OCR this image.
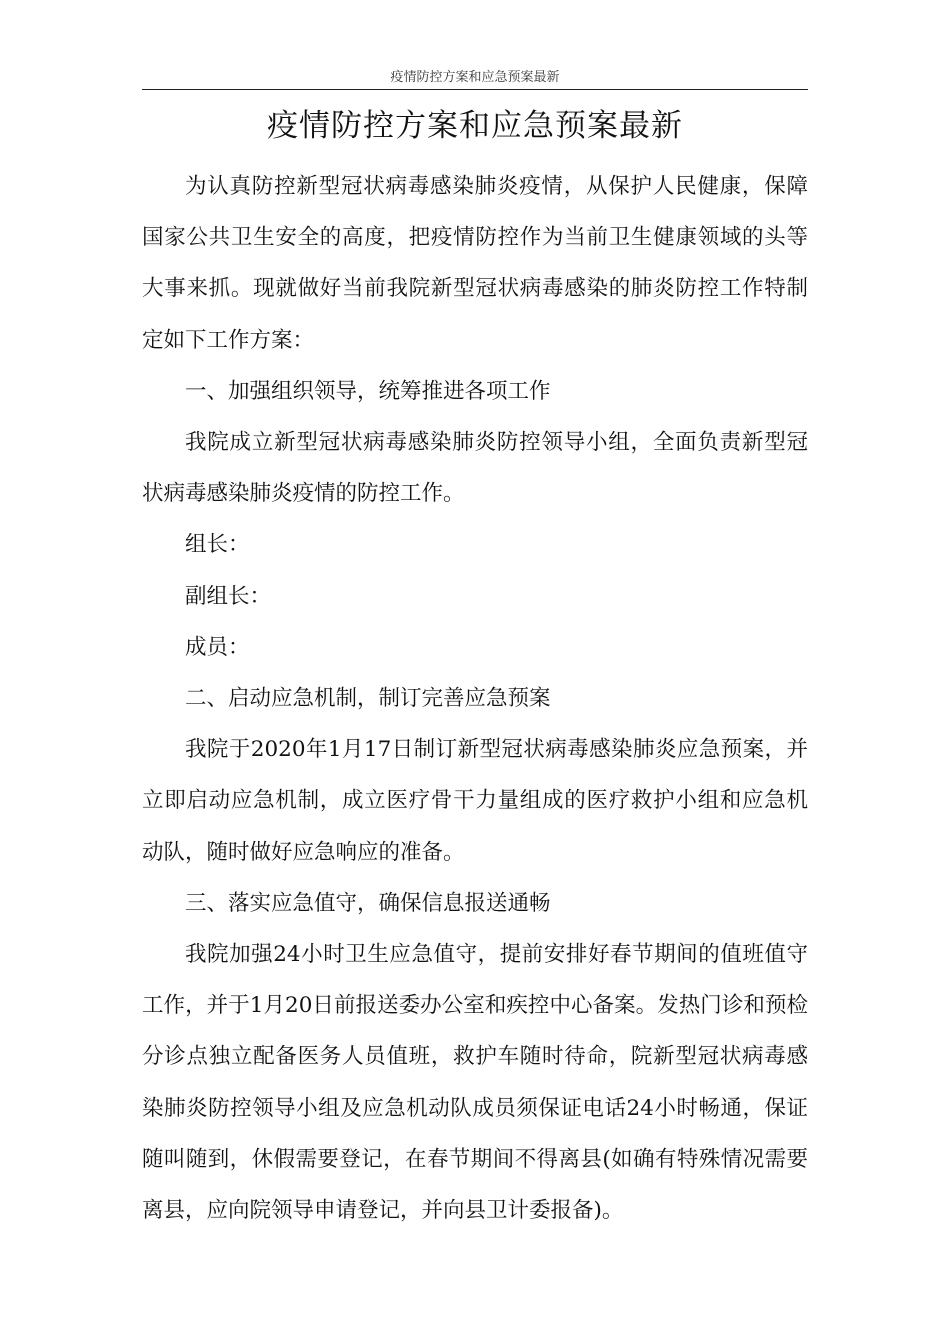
疫情防控方案和应急预案最新
疫情防控方案和应急预案最新

为认真防控新型冠状病毒感染肺炎疫情，从保护人民健康，保障国家公共卫生安全的高度，把疫情防控作为当前卫生健康领域的头等大事来抓。现就做好当前我院新型冠状病毒感染的肺炎防控工作特制定如下工作方案：

一、加强组织领导，统筹推进各项工作

我院成立新型冠状病毒感染肺炎防控领导小组，全面负责新型冠状病毒感染肺炎疫情的防控工作。

组长：

副组长：

成员：

二、启动应急机制，制订完善应急预案

我院于2020年1月17日制订新型冠状病毒感染肺炎应急预案，并立即启动应急机制，成立医疗骨干力量组成的医疗救护小组和应急机动队，随时做好应急响应的准备。

三、落实应急值守，确保信息报送通畅

我院加强24小时卫生应急值守，提前安排好春节期间的值班值守工作，并于1月20日前报送委办公室和疾控中心备案。发热门诊和预检分诊点独立配备医务人员值班，救护车随时待命，院新型冠状病毒感染肺炎防控领导小组及应急机动队成员须保证电话24小时畅通，保证随叫随到，休假需要登记，在春节期间不得离县(如确有特殊情况需要离县，应向院领导申请登记，并向县卫计委报备)。
